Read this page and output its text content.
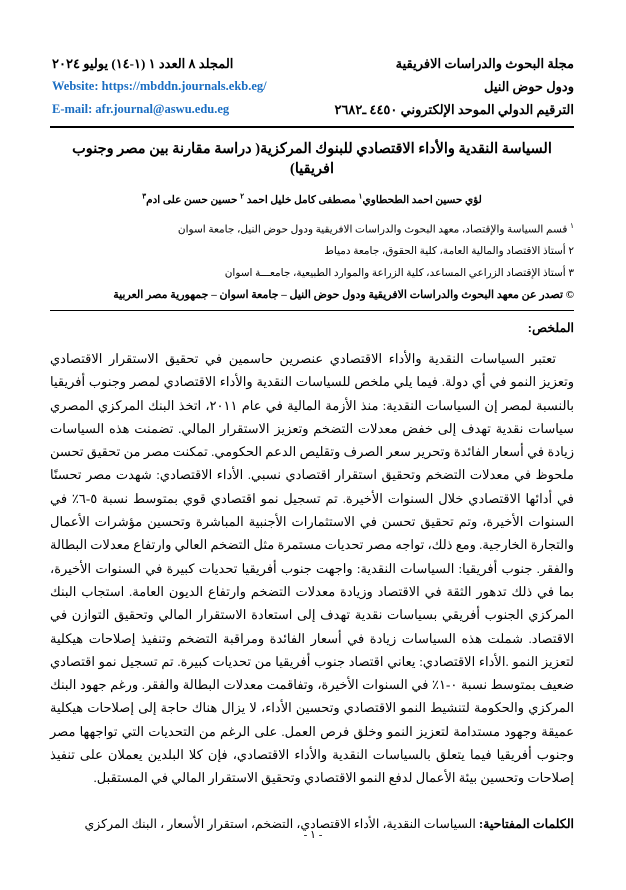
مجلة البحوث والدراسات الافريقية
ودول حوض النيل
الترقيم الدولي الموحد الإلكتروني ٤٤٥٠ ـ٢٦٨٢
المجلد ٨ العدد ١ (١-١٤) يوليو ٢٠٢٤
Website: https://mbddn.journals.ekb.eg/
E-mail: afr.journal@aswu.edu.eg
السياسة النقدية والأداء الاقتصادي للبنوك المركزية( دراسة مقارنة بين مصر وجنوب افريقيا)
لؤي حسين احمد الطحطاوي$^١$ مصطفى كامل خليل احمد $^٢$ حسين حسن على ادم$^٣$
$^١$ قسم السياسة والإقتصاد، معهد البحوث والدراسات الافريقية ودول حوض النيل، جامعة اسوان
٢ أستاذ الاقتصاد والمالية العامة، كلية الحقوق، جامعة دمياط
٣ أستاذ الإقتصاد الزراعي المساعد، كلية الزراعة والموارد الطبيعية، جامعـــة اسوان
© تصدر عن معهد البحوث والدراسات الافريقية ودول حوض النيل – جامعة اسوان – جمهورية مصر العربية
الملخص:

تعتبر السياسات النقدية والأداء الاقتصادي عنصرين حاسمين في تحقيق الاستقرار الاقتصادي وتعزيز النمو في أي دولة. فيما يلي ملخص للسياسات النقدية والأداء الاقتصادي لمصر وجنوب أفريقيا بالنسبة لمصر إن السياسات النقدية: منذ الأزمة المالية في عام ٢٠١١، اتخذ البنك المركزي المصري سياسات نقدية تهدف إلى خفض معدلات التضخم وتعزيز الاستقرار المالي. تضمنت هذه السياسات زيادة في أسعار الفائدة وتحرير سعر الصرف وتقليص الدعم الحكومي. تمكنت مصر من تحقيق تحسن ملحوظ في معدلات التضخم وتحقيق استقرار اقتصادي نسبي. الأداء الاقتصادي: شهدت مصر تحسنًا في أدائها الاقتصادي خلال السنوات الأخيرة. تم تسجيل نمو اقتصادي قوي بمتوسط نسبة ٥-٦٪ في السنوات الأخيرة، وتم تحقيق تحسن في الاستثمارات الأجنبية المباشرة وتحسين مؤشرات الأعمال والتجارة الخارجية. ومع ذلك، تواجه مصر تحديات مستمرة مثل التضخم العالي وارتفاع معدلات البطالة والفقر. جنوب أفريقيا: السياسات النقدية: واجهت جنوب أفريقيا تحديات كبيرة في السنوات الأخيرة، بما في ذلك تدهور الثقة في الاقتصاد وزيادة معدلات التضخم وارتفاع الديون العامة. استجاب البنك المركزي الجنوب أفريقي بسياسات نقدية تهدف إلى استعادة الاستقرار المالي وتحقيق التوازن في الاقتصاد. شملت هذه السياسات زيادة في أسعار الفائدة ومراقبة التضخم وتنفيذ إصلاحات هيكلية لتعزيز النمو .الأداء الاقتصادي: يعاني اقتصاد جنوب أفريقيا من تحديات كبيرة. تم تسجيل نمو اقتصادي ضعيف بمتوسط نسبة ٠-١٪ في السنوات الأخيرة، وتفاقمت معدلات البطالة والفقر. ورغم جهود البنك المركزي والحكومة لتنشيط النمو الاقتصادي وتحسين الأداء، لا يزال هناك حاجة إلى إصلاحات هيكلية عميقة وجهود مستدامة لتعزيز النمو وخلق فرص العمل. على الرغم من التحديات التي تواجهها مصر وجنوب أفريقيا فيما يتعلق بالسياسات النقدية والأداء الاقتصادي، فإن كلا البلدين يعملان على تنفيذ إصلاحات وتحسين بيئة الأعمال لدفع النمو الاقتصادي وتحقيق الاستقرار المالي في المستقبل.

الكلمات المفتاحية: السياسات النقدية، الأداء الاقتصادي، التضخم، استقرار الأسعار ، البنك المركزي

- ١ -
